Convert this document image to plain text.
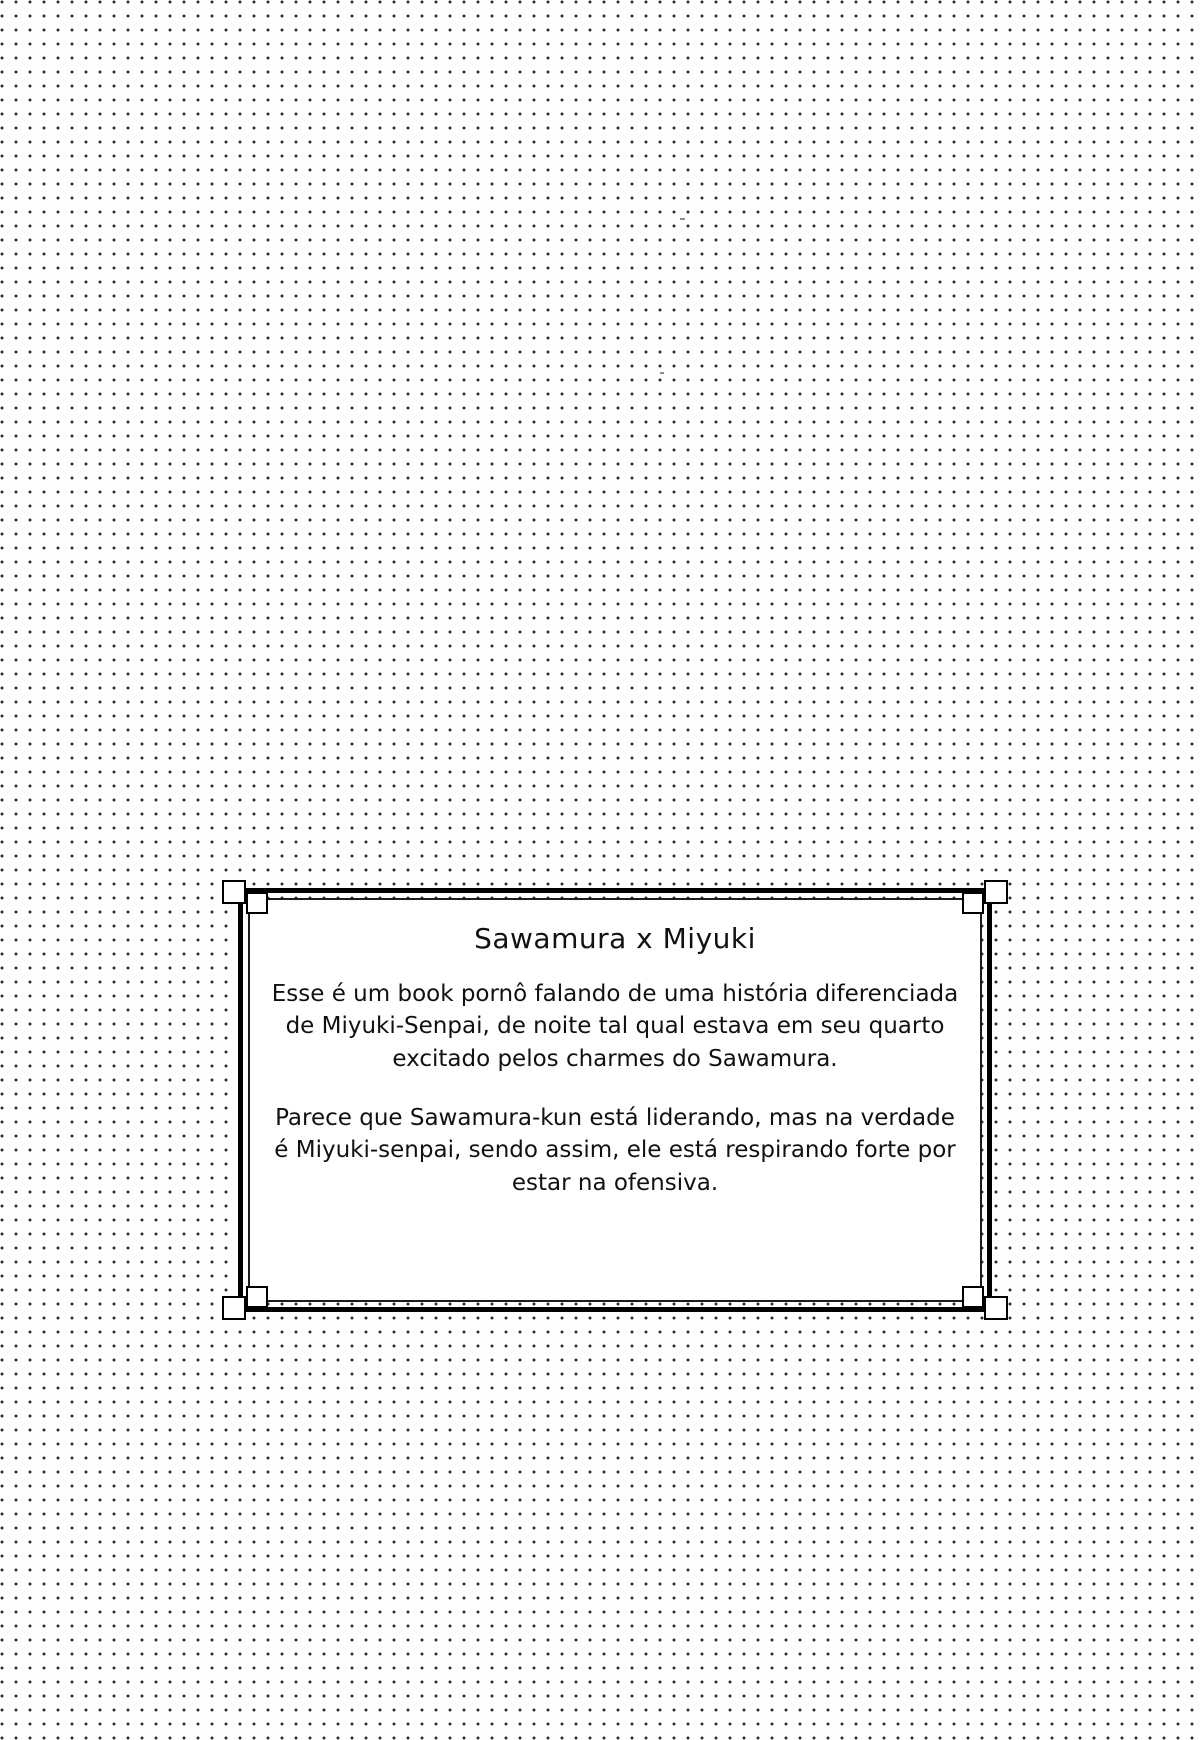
Sawamura x Miyuki

Esse é um book pornô falando de uma história diferenciada de Miyuki-Senpai, de noite tal qual estava em seu quarto excitado pelos charmes do Sawamura.

Parece que Sawamura-kun está liderando, mas na verdade é Miyuki-senpai, sendo assim, ele está respirando forte por estar na ofensiva.
